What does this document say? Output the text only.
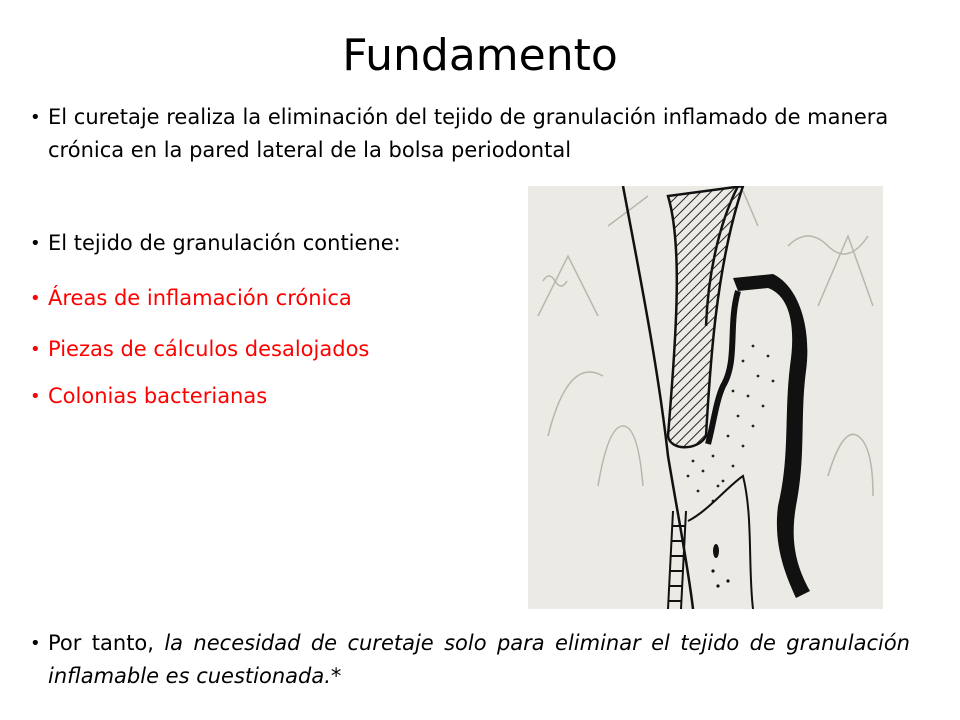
Fundamento
• El curetaje realiza la eliminación del tejido de granulación inflamado de manera crónica en la pared lateral de la bolsa periodontal
• El tejido de granulación contiene:
• Áreas de inflamación crónica
• Piezas de cálculos desalojados
• Colonias bacterianas
• Por tanto, la necesidad de curetaje solo para eliminar el tejido de granulación inflamable es cuestionada.*
